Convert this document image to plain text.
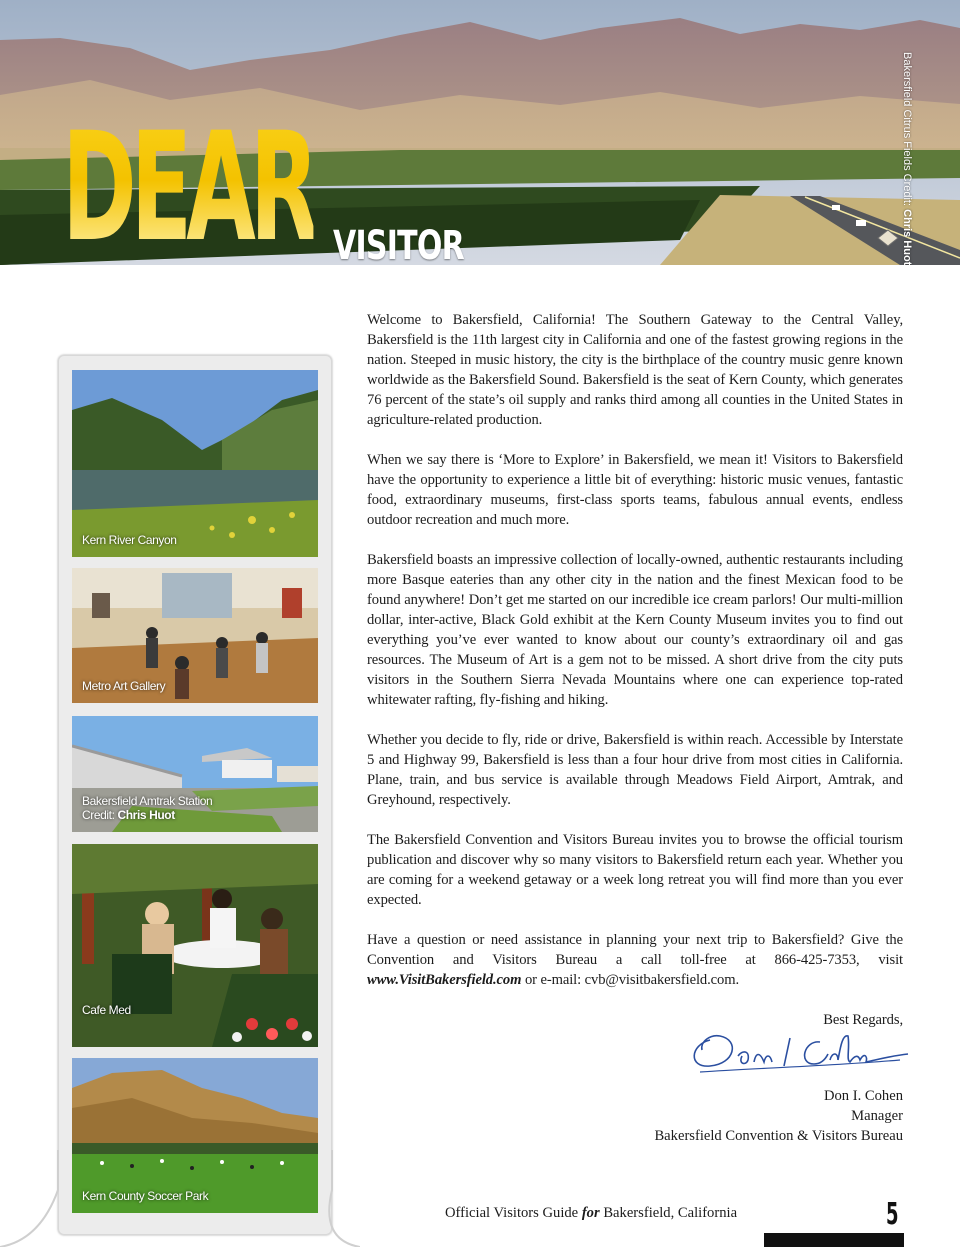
DEAR VISITOR
Bakersfield Citrus Fields Credit: Chris Huot
Kern River Canyon
Metro Art Gallery
Bakersfield Amtrak Station
Credit: Chris Huot
Cafe Med
Kern County Soccer Park

Welcome to Bakersfield, California! The Southern Gateway to the Central Valley, Bakersfield is the 11th largest city in California and one of the fastest growing regions in the nation. Steeped in music history, the city is the birthplace of the country music genre known worldwide as the Bakersfield Sound. Bakersfield is the seat of Kern County, which generates 76 percent of the state’s oil supply and ranks third among all counties in the United States in agriculture-related production.

When we say there is ‘More to Explore’ in Bakersfield, we mean it! Visitors to Bakersfield have the opportunity to experience a little bit of everything: historic music venues, fantastic food, extraordinary museums, first-class sports teams, fabulous annual events, endless outdoor recreation and much more.

Bakersfield boasts an impressive collection of locally-owned, authentic restaurants including more Basque eateries than any other city in the nation and the finest Mexican food to be found anywhere! Don’t get me started on our incredible ice cream parlors! Our multi-million dollar, inter-active, Black Gold exhibit at the Kern County Museum invites you to find out everything you’ve ever wanted to know about our county’s extraordinary oil and gas resources. The Museum of Art is a gem not to be missed. A short drive from the city puts visitors in the Southern Sierra Nevada Mountains where one can experience top-rated whitewater rafting, fly-fishing and hiking.

Whether you decide to fly, ride or drive, Bakersfield is within reach. Accessible by Interstate 5 and Highway 99, Bakersfield is less than a four hour drive from most cities in California. Plane, train, and bus service is available through Meadows Field Airport, Amtrak, and Greyhound, respectively.

The Bakersfield Convention and Visitors Bureau invites you to browse the official tourism publication and discover why so many visitors to Bakersfield return each year. Whether you are coming for a weekend getaway or a week long retreat you will find more than you ever expected.

Have a question or need assistance in planning your next trip to Bakersfield? Give the Convention and Visitors Bureau a call toll-free at 866-425-7353, visit www.VisitBakersfield.com or e-mail: cvb@visitbakersfield.com.

Best Regards,

Don I. Cohen
Manager
Bakersfield Convention & Visitors Bureau
Official Visitors Guide for Bakersfield, California	5
